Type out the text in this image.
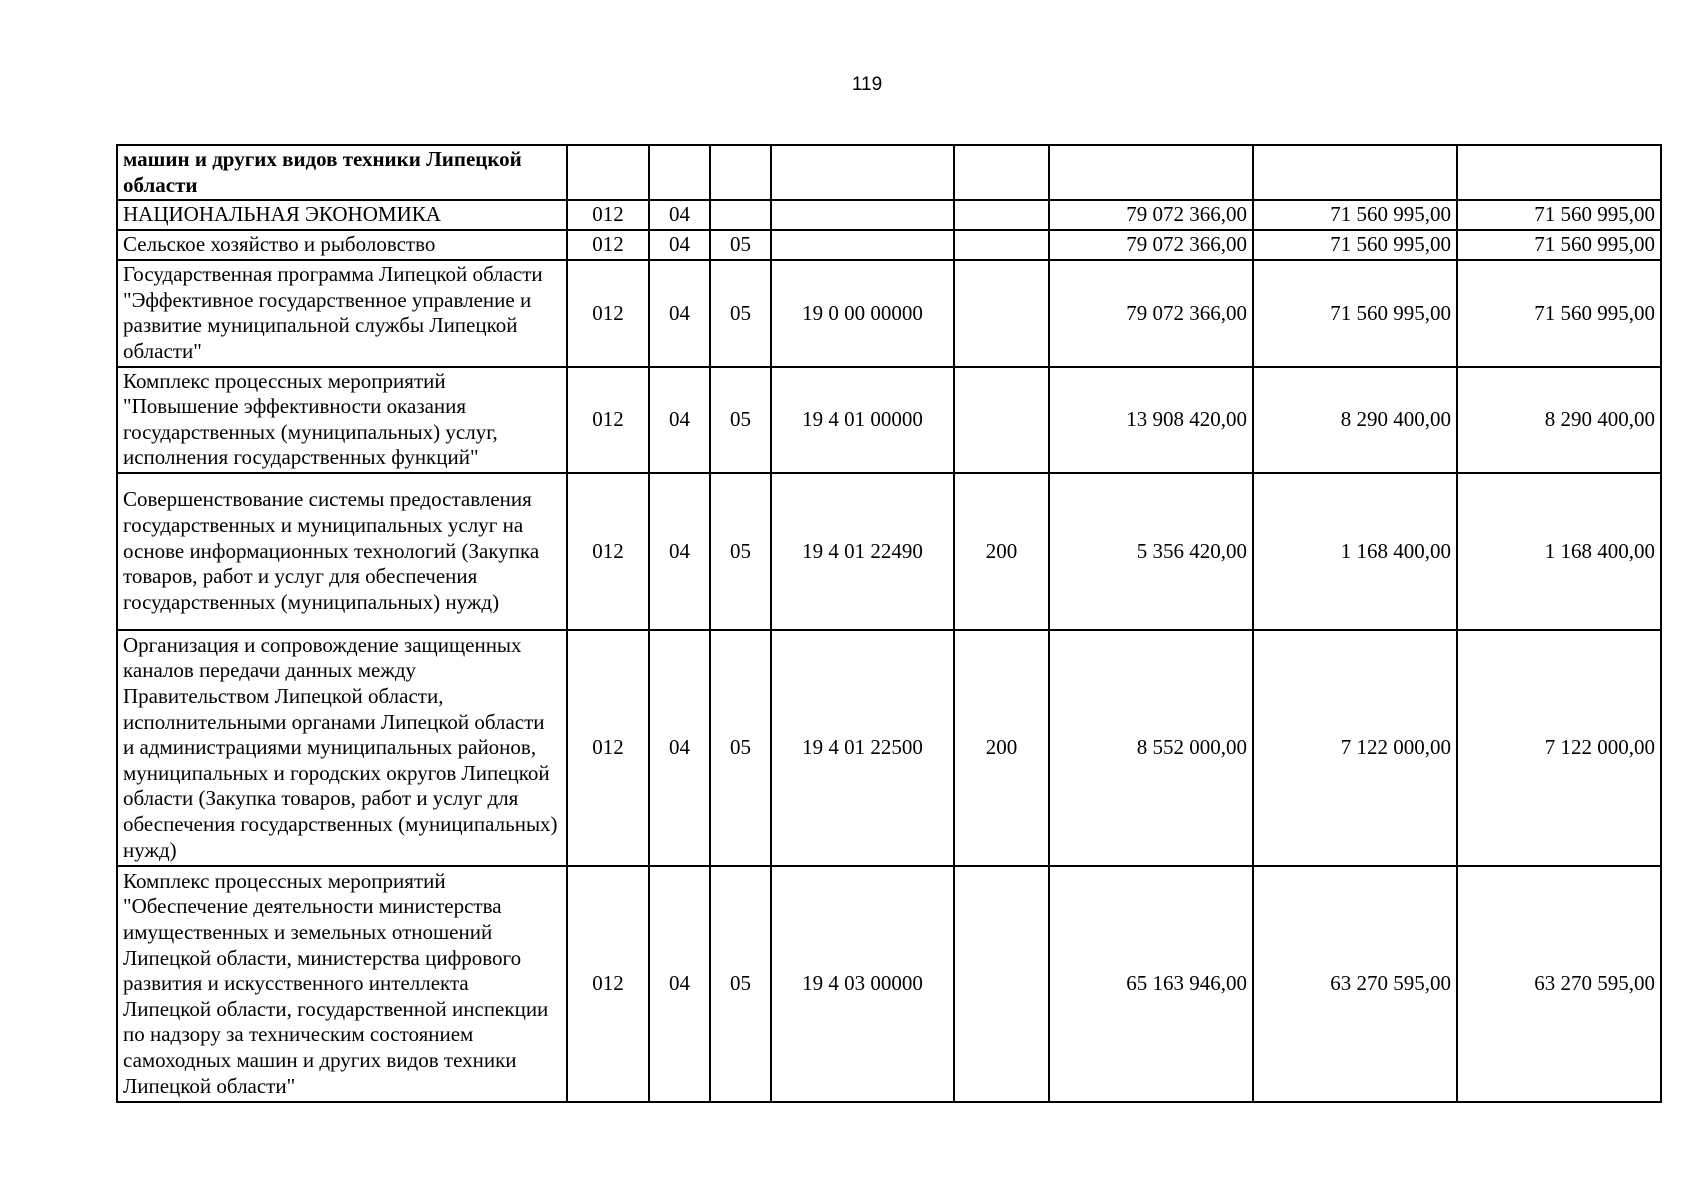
119
машин и других видов техники Липецкой области								
НАЦИОНАЛЬНАЯ ЭКОНОМИКА	012	04				79 072 366,00	71 560 995,00	71 560 995,00
Сельское хозяйство и рыболовство	012	04	05			79 072 366,00	71 560 995,00	71 560 995,00
Государственная программа Липецкой области "Эффективное государственное управление и развитие муниципальной службы Липецкой области"	012	04	05	19 0 00 00000		79 072 366,00	71 560 995,00	71 560 995,00
Комплекс процессных мероприятий "Повышение эффективности оказания государственных (муниципальных) услуг, исполнения государственных функций"	012	04	05	19 4 01 00000		13 908 420,00	8 290 400,00	8 290 400,00
Совершенствование системы предоставления государственных и муниципальных услуг на основе информационных технологий (Закупка товаров, работ и услуг для обеспечения государственных (муниципальных) нужд)	012	04	05	19 4 01 22490	200	5 356 420,00	1 168 400,00	1 168 400,00
Организация и сопровождение защищенных каналов передачи данных между Правительством Липецкой области, исполнительными органами Липецкой области и администрациями муниципальных районов, муниципальных и городских округов Липецкой области (Закупка товаров, работ и услуг для обеспечения государственных (муниципальных) нужд)	012	04	05	19 4 01 22500	200	8 552 000,00	7 122 000,00	7 122 000,00
Комплекс процессных мероприятий "Обеспечение деятельности министерства имущественных и земельных отношений Липецкой области, министерства цифрового развития и искусственного интеллекта Липецкой области, государственной инспекции по надзору за техническим состоянием самоходных машин и других видов техники Липецкой области"	012	04	05	19 4 03 00000		65 163 946,00	63 270 595,00	63 270 595,00
